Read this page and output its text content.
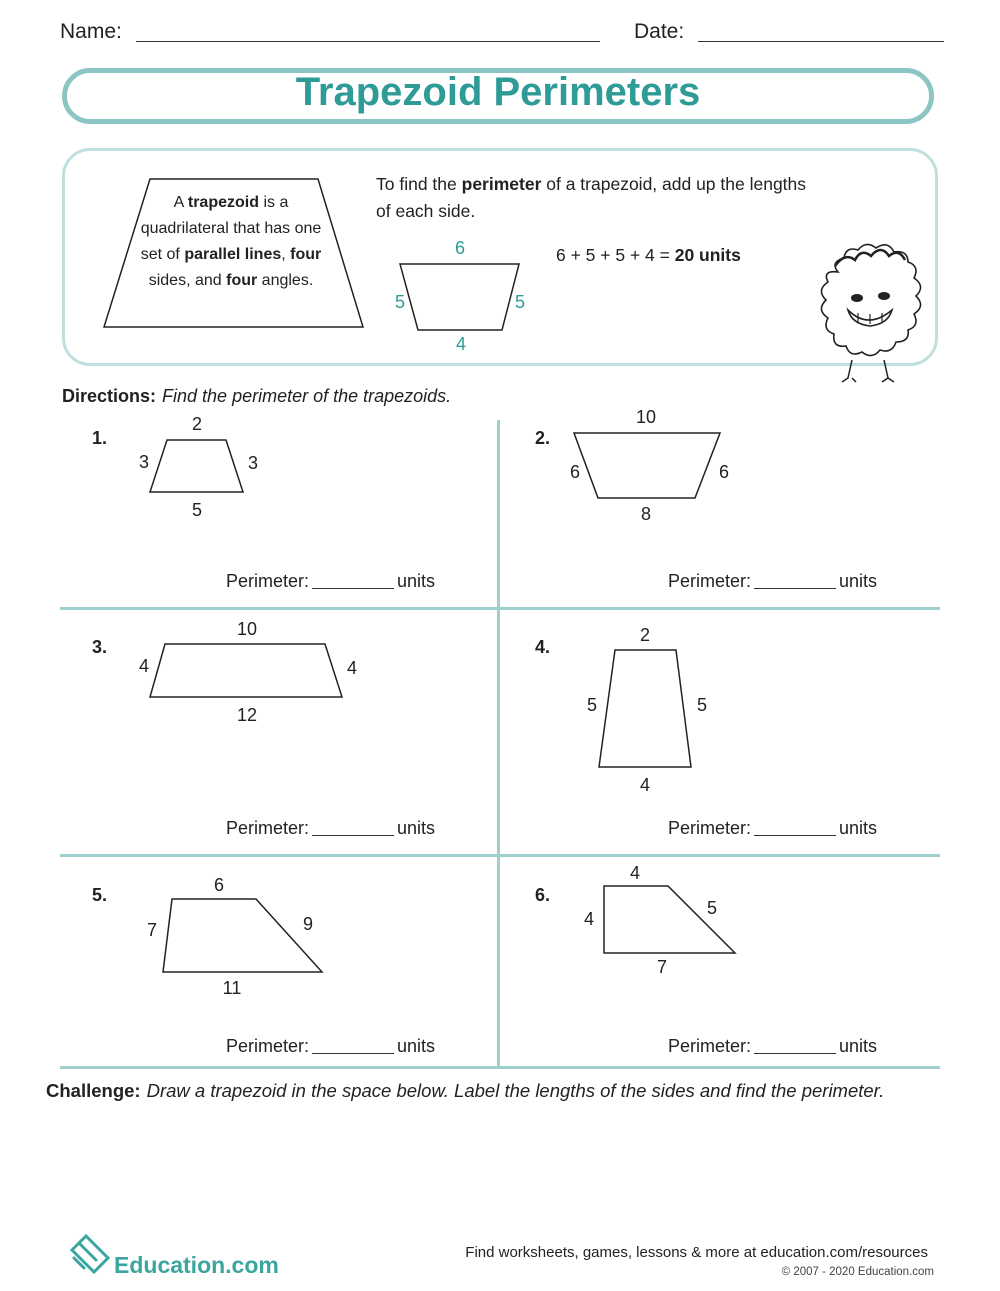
Name:	Date:
Trapezoid Perimeters
A trapezoid is a quadrilateral that has one set of parallel lines, four sides, and four angles.
To find the perimeter of a trapezoid, add up the lengths of each side.
6
5	5
4
6 + 5 + 5 + 4 = 20 units
Directions: Find the perimeter of the trapezoids.
1.
2
3	3
5
Perimeter:	units
2.
10
6	6
8
Perimeter:	units
3.
10
4	4
12
Perimeter:	units
4.
2
5	5
4
Perimeter:	units
5.	6
7	9
11
Perimeter:	units
6.
4
4
5
7
Perimeter:	units
Challenge: Draw a trapezoid in the space below. Label the lengths of the sides and find the perimeter.
Education.com	Find worksheets, games, lessons & more at education.com/resources
© 2007 - 2020 Education.com
